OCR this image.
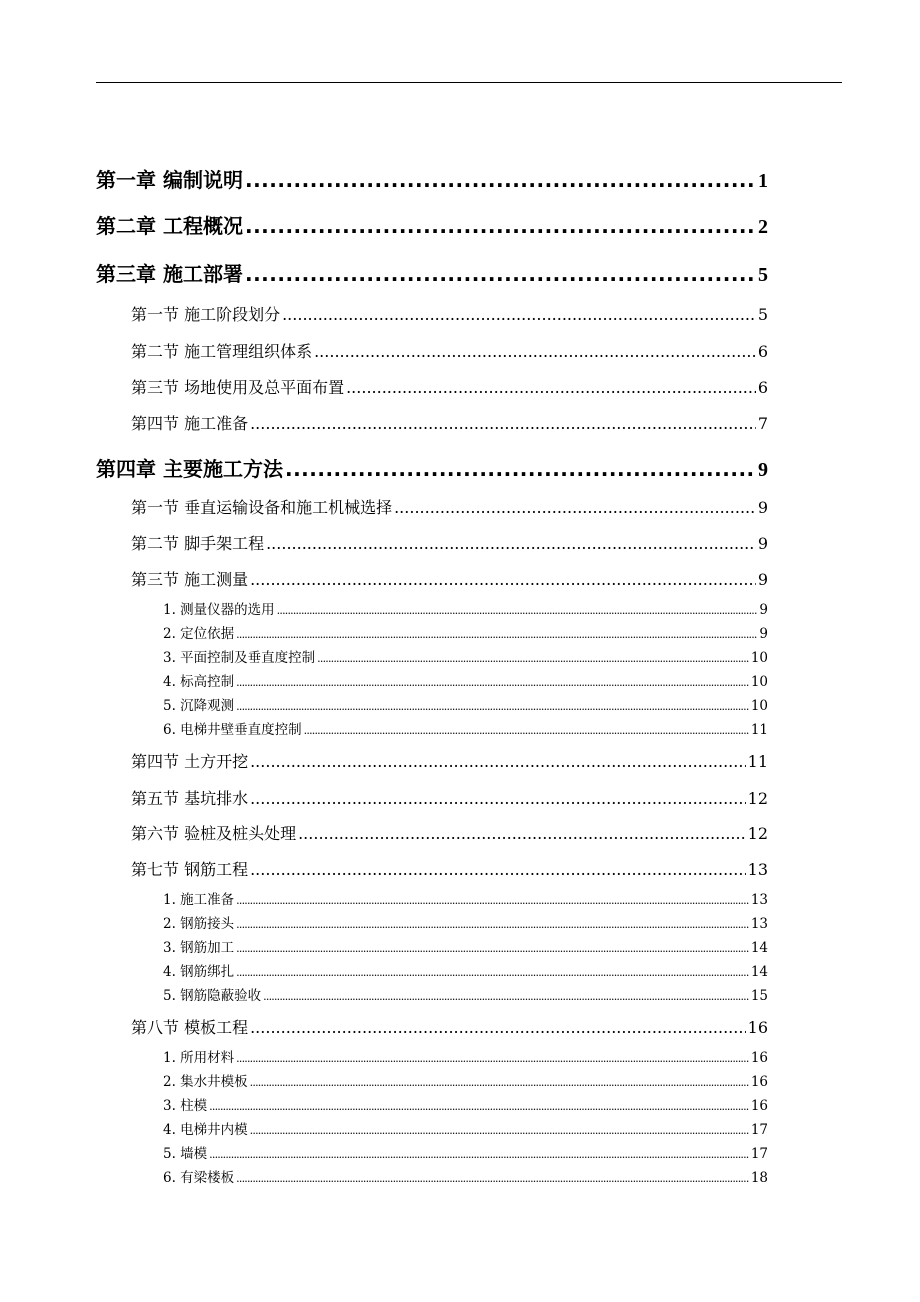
第一章 编制说明 .....	1
第二章 工程概况 .....	2
第三章 施工部署 .....	5
第一节 施工阶段划分 .....	5
第二节 施工管理组织体系 .....	6
第三节 场地使用及总平面布置 .....	6
第四节 施工准备 .....	7
第四章 主要施工方法 .....	9
第一节 垂直运输设备和施工机械选择 .....	9
第二节 脚手架工程 .....	9
第三节 施工测量 .....	9
1. 测量仪器的选用 .....	9
2. 定位依据 .....	9
3. 平面控制及垂直度控制 .....	10
4. 标高控制 .....	10
5. 沉降观测 .....	10
6. 电梯井壁垂直度控制 .....	11
第四节 土方开挖 .....	11
第五节 基坑排水 .....	12
第六节 验桩及桩头处理 .....	12
第七节 钢筋工程 .....	13
1. 施工准备 .....	13
2. 钢筋接头 .....	13
3. 钢筋加工 .....	14
4. 钢筋绑扎 .....	14
5. 钢筋隐蔽验收 .....	15
第八节 模板工程 .....	16
1. 所用材料 .....	16
2. 集水井模板 .....	16
3. 柱模 .....	16
4. 电梯井内模 .....	17
5. 墙模 .....	17
6. 有梁楼板 .....	18
